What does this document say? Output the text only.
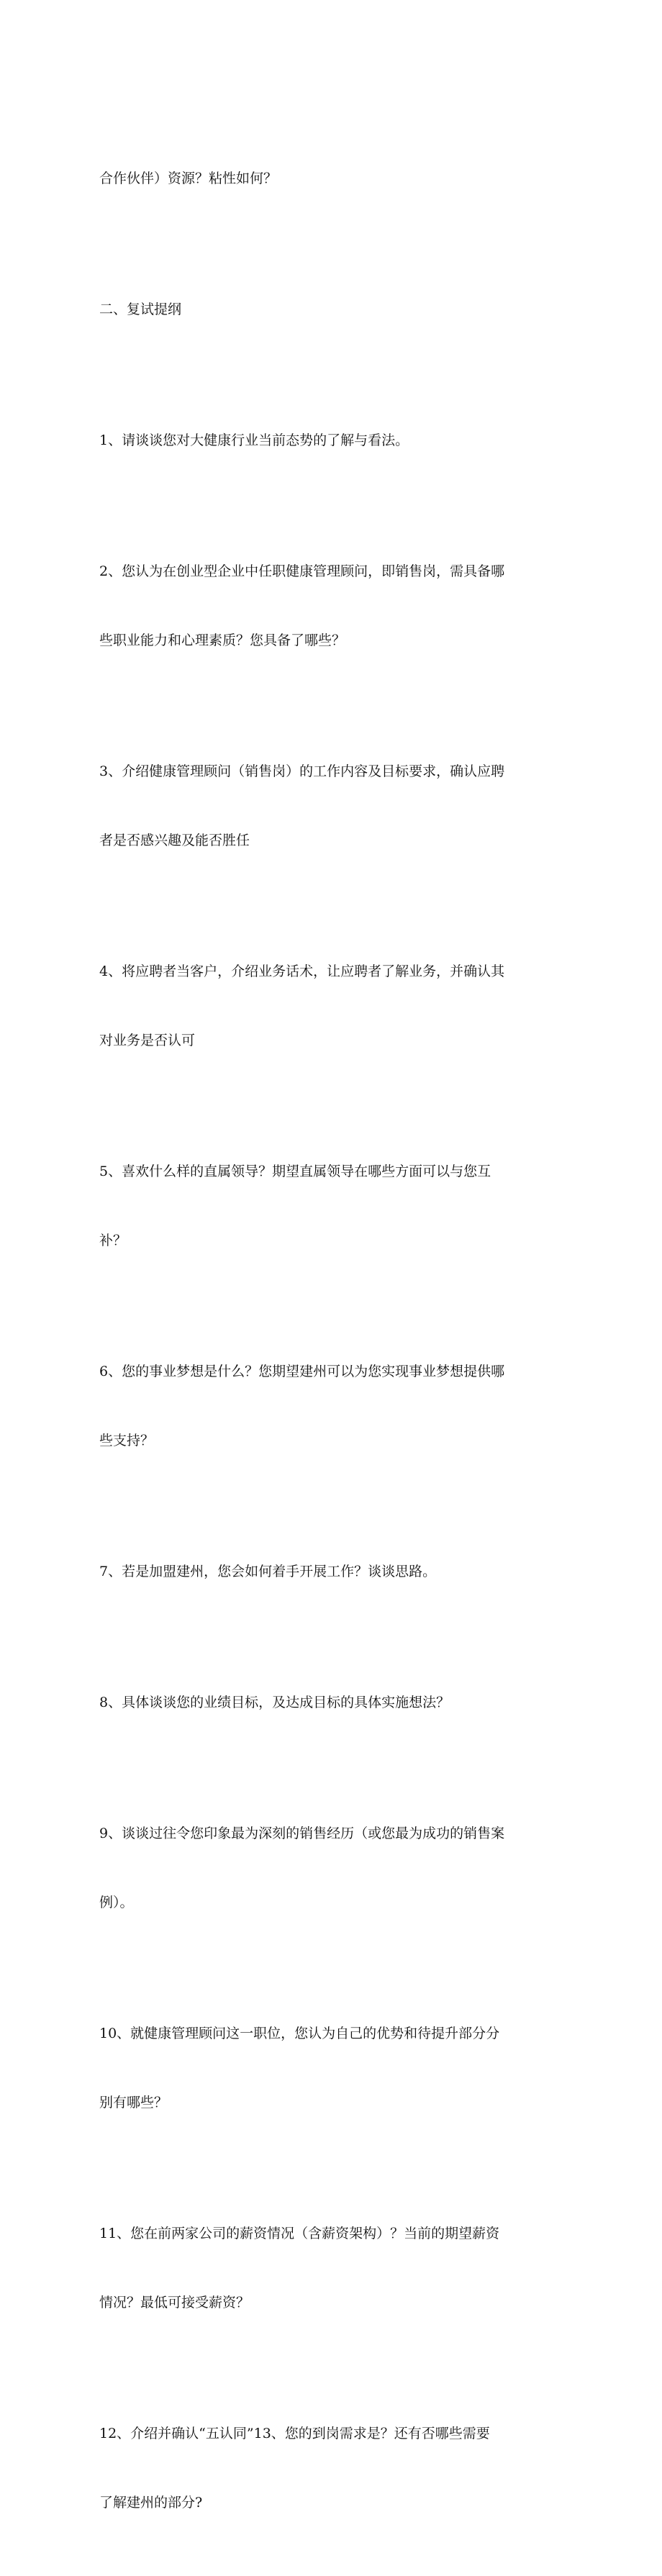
合作伙伴）资源？粘性如何？

二、复试提纲

1、请谈谈您对大健康行业当前态势的了解与看法。

2、您认为在创业型企业中任职健康管理顾问，即销售岗，需具备哪

些职业能力和心理素质？您具备了哪些？

3、介绍健康管理顾问（销售岗）的工作内容及目标要求，确认应聘

者是否感兴趣及能否胜任

4、将应聘者当客户，介绍业务话术，让应聘者了解业务，并确认其

对业务是否认可

5、喜欢什么样的直属领导？期望直属领导在哪些方面可以与您互

补？

6、您的事业梦想是什么？您期望建州可以为您实现事业梦想提供哪

些支持？

7、若是加盟建州，您会如何着手开展工作？谈谈思路。

8、具体谈谈您的业绩目标，及达成目标的具体实施想法？

9、谈谈过往令您印象最为深刻的销售经历（或您最为成功的销售案

例）。

10、就健康管理顾问这一职位，您认为自己的优势和待提升部分分

别有哪些？

11、您在前两家公司的薪资情况（含薪资架构）？当前的期望薪资

情况？最低可接受薪资？

12、介绍并确认“五认同”13、您的到岗需求是？还有否哪些需要

了解建州的部分?
